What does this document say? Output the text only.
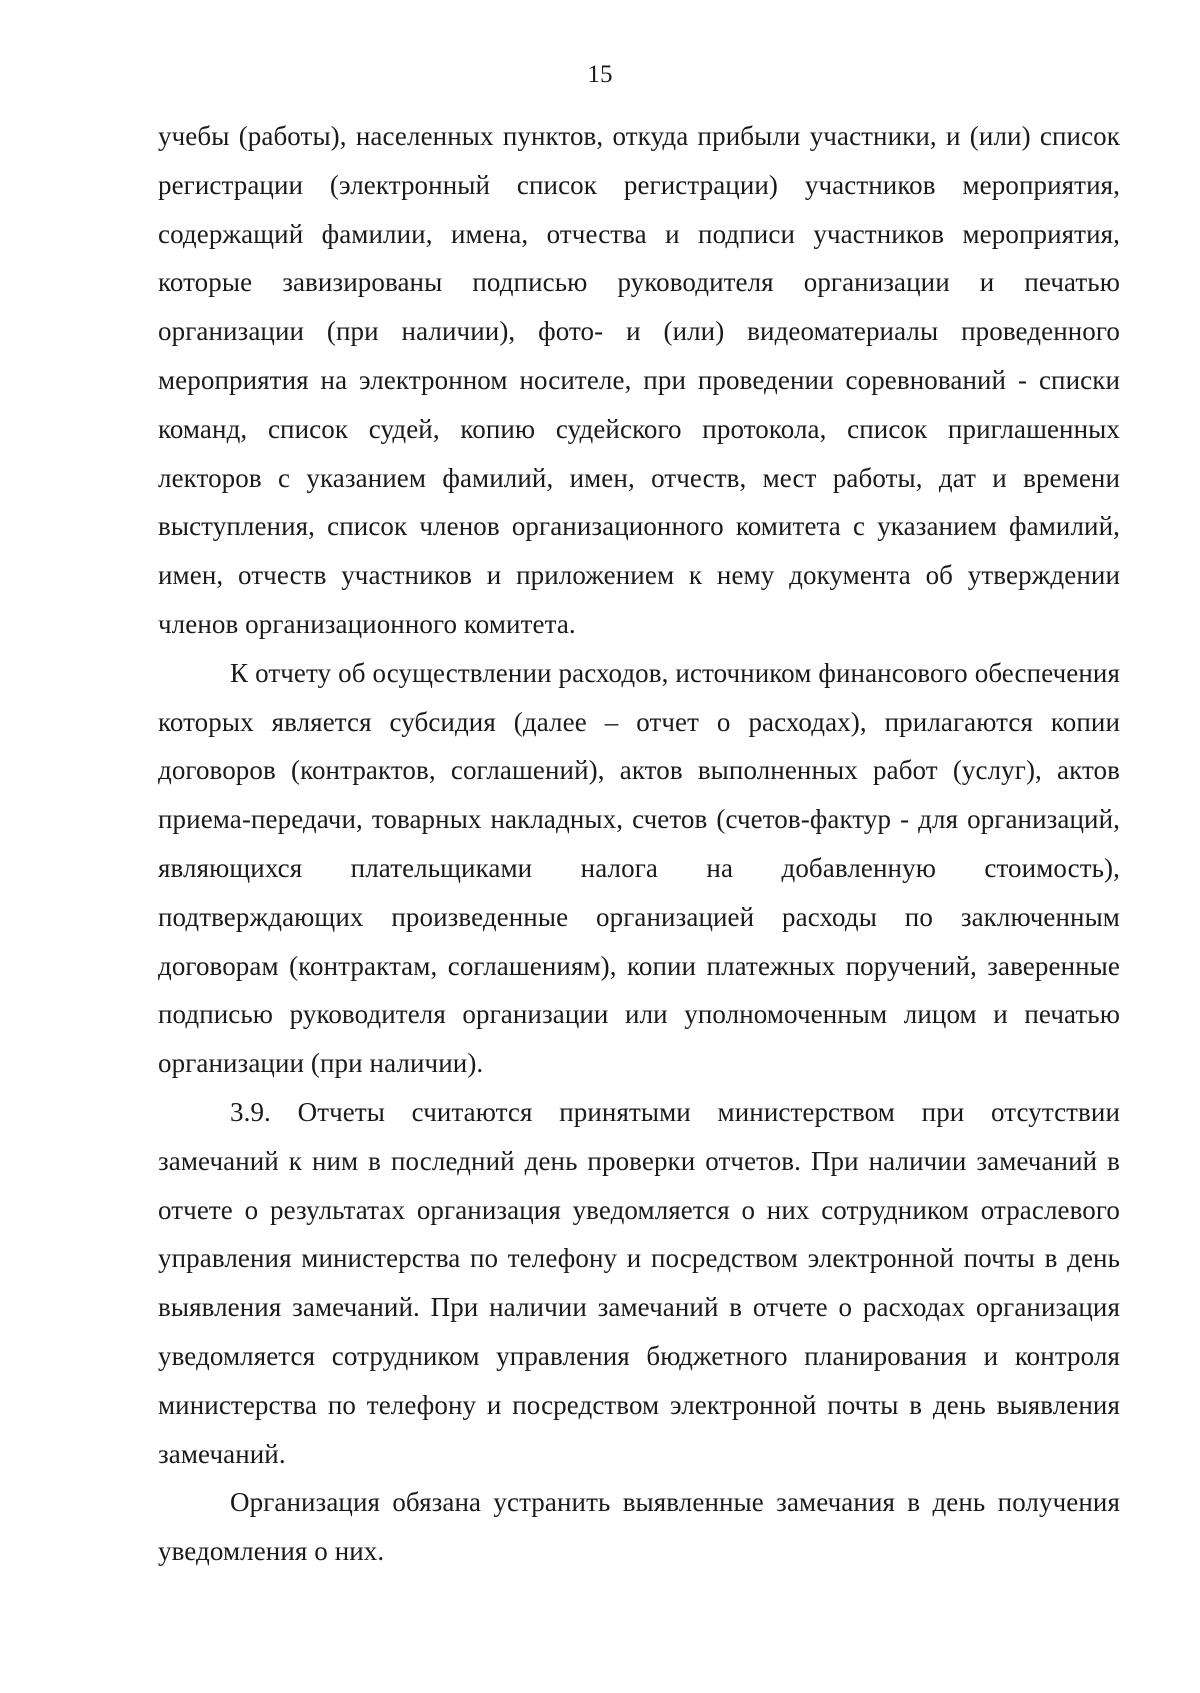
15

учебы (работы), населенных пунктов, откуда прибыли участники, и (или) список регистрации (электронный список регистрации) участников мероприятия, содержащий фамилии, имена, отчества и подписи участников мероприятия, которые завизированы подписью руководителя организации и печатью организации (при наличии), фото- и (или) видеоматериалы проведенного мероприятия на электронном носителе, при проведении соревнований - списки команд, список судей, копию судейского протокола, список приглашенных лекторов с указанием фамилий, имен, отчеств, мест работы, дат и времени выступления, список членов организационного комитета с указанием фамилий, имен, отчеств участников и приложением к нему документа об утверждении членов организационного комитета.

К отчету об осуществлении расходов, источником финансового обеспечения которых является субсидия (далее – отчет о расходах), прилагаются копии договоров (контрактов, соглашений), актов выполненных работ (услуг), актов приема-передачи, товарных накладных, счетов (счетов-фактур - для организаций, являющихся плательщиками налога на добавленную стоимость), подтверждающих произведенные организацией расходы по заключенным договорам (контрактам, соглашениям), копии платежных поручений, заверенные подписью руководителя организации или уполномоченным лицом и печатью организации (при наличии).

3.9. Отчеты считаются принятыми министерством при отсутствии замечаний к ним в последний день проверки отчетов. При наличии замечаний в отчете о результатах организация уведомляется о них сотрудником отраслевого управления министерства по телефону и посредством электронной почты в день выявления замечаний. При наличии замечаний в отчете о расходах организация уведомляется сотрудником управления бюджетного планирования и контроля министерства по телефону и посредством электронной почты в день выявления замечаний.

Организация обязана устранить выявленные замечания в день получения уведомления о них.
